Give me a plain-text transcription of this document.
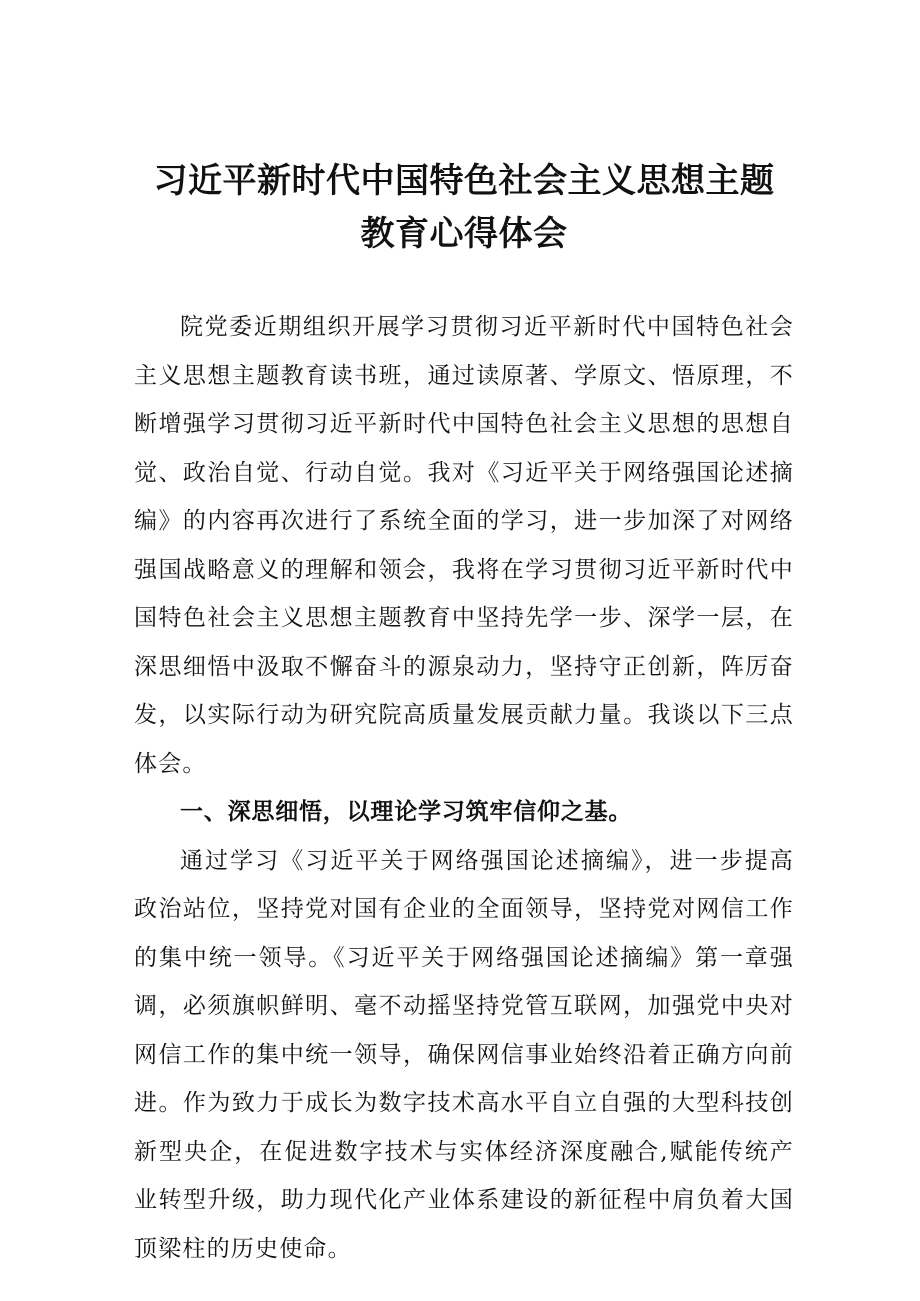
习近平新时代中国特色社会主义思想主题
教育心得体会

院党委近期组织开展学习贯彻习近平新时代中国特色社会主义思想主题教育读书班，通过读原著、学原文、悟原理，不断增强学习贯彻习近平新时代中国特色社会主义思想的思想自觉、政治自觉、行动自觉。我对《习近平关于网络强国论述摘编》的内容再次进行了系统全面的学习，进一步加深了对网络强国战略意义的理解和领会，我将在学习贯彻习近平新时代中国特色社会主义思想主题教育中坚持先学一步、深学一层，在深思细悟中汲取不懈奋斗的源泉动力，坚持守正创新，阵厉奋发，以实际行动为研究院高质量发展贡献力量。我谈以下三点体会。

一、深思细悟，以理论学习筑牢信仰之基。

通过学习《习近平关于网络强国论述摘编》，进一步提高政治站位，坚持党对国有企业的全面领导，坚持党对网信工作的集中统一领导。《习近平关于网络强国论述摘编》第一章强调，必须旗帜鲜明、毫不动摇坚持党管互联网，加强党中央对网信工作的集中统一领导，确保网信事业始终沿着正确方向前进。作为致力于成长为数字技术高水平自立自强的大型科技创新型央企，在促进数字技术与实体经济深度融合,赋能传统产业转型升级，助力现代化产业体系建设的新征程中肩负着大国顶梁柱的历史使命。
